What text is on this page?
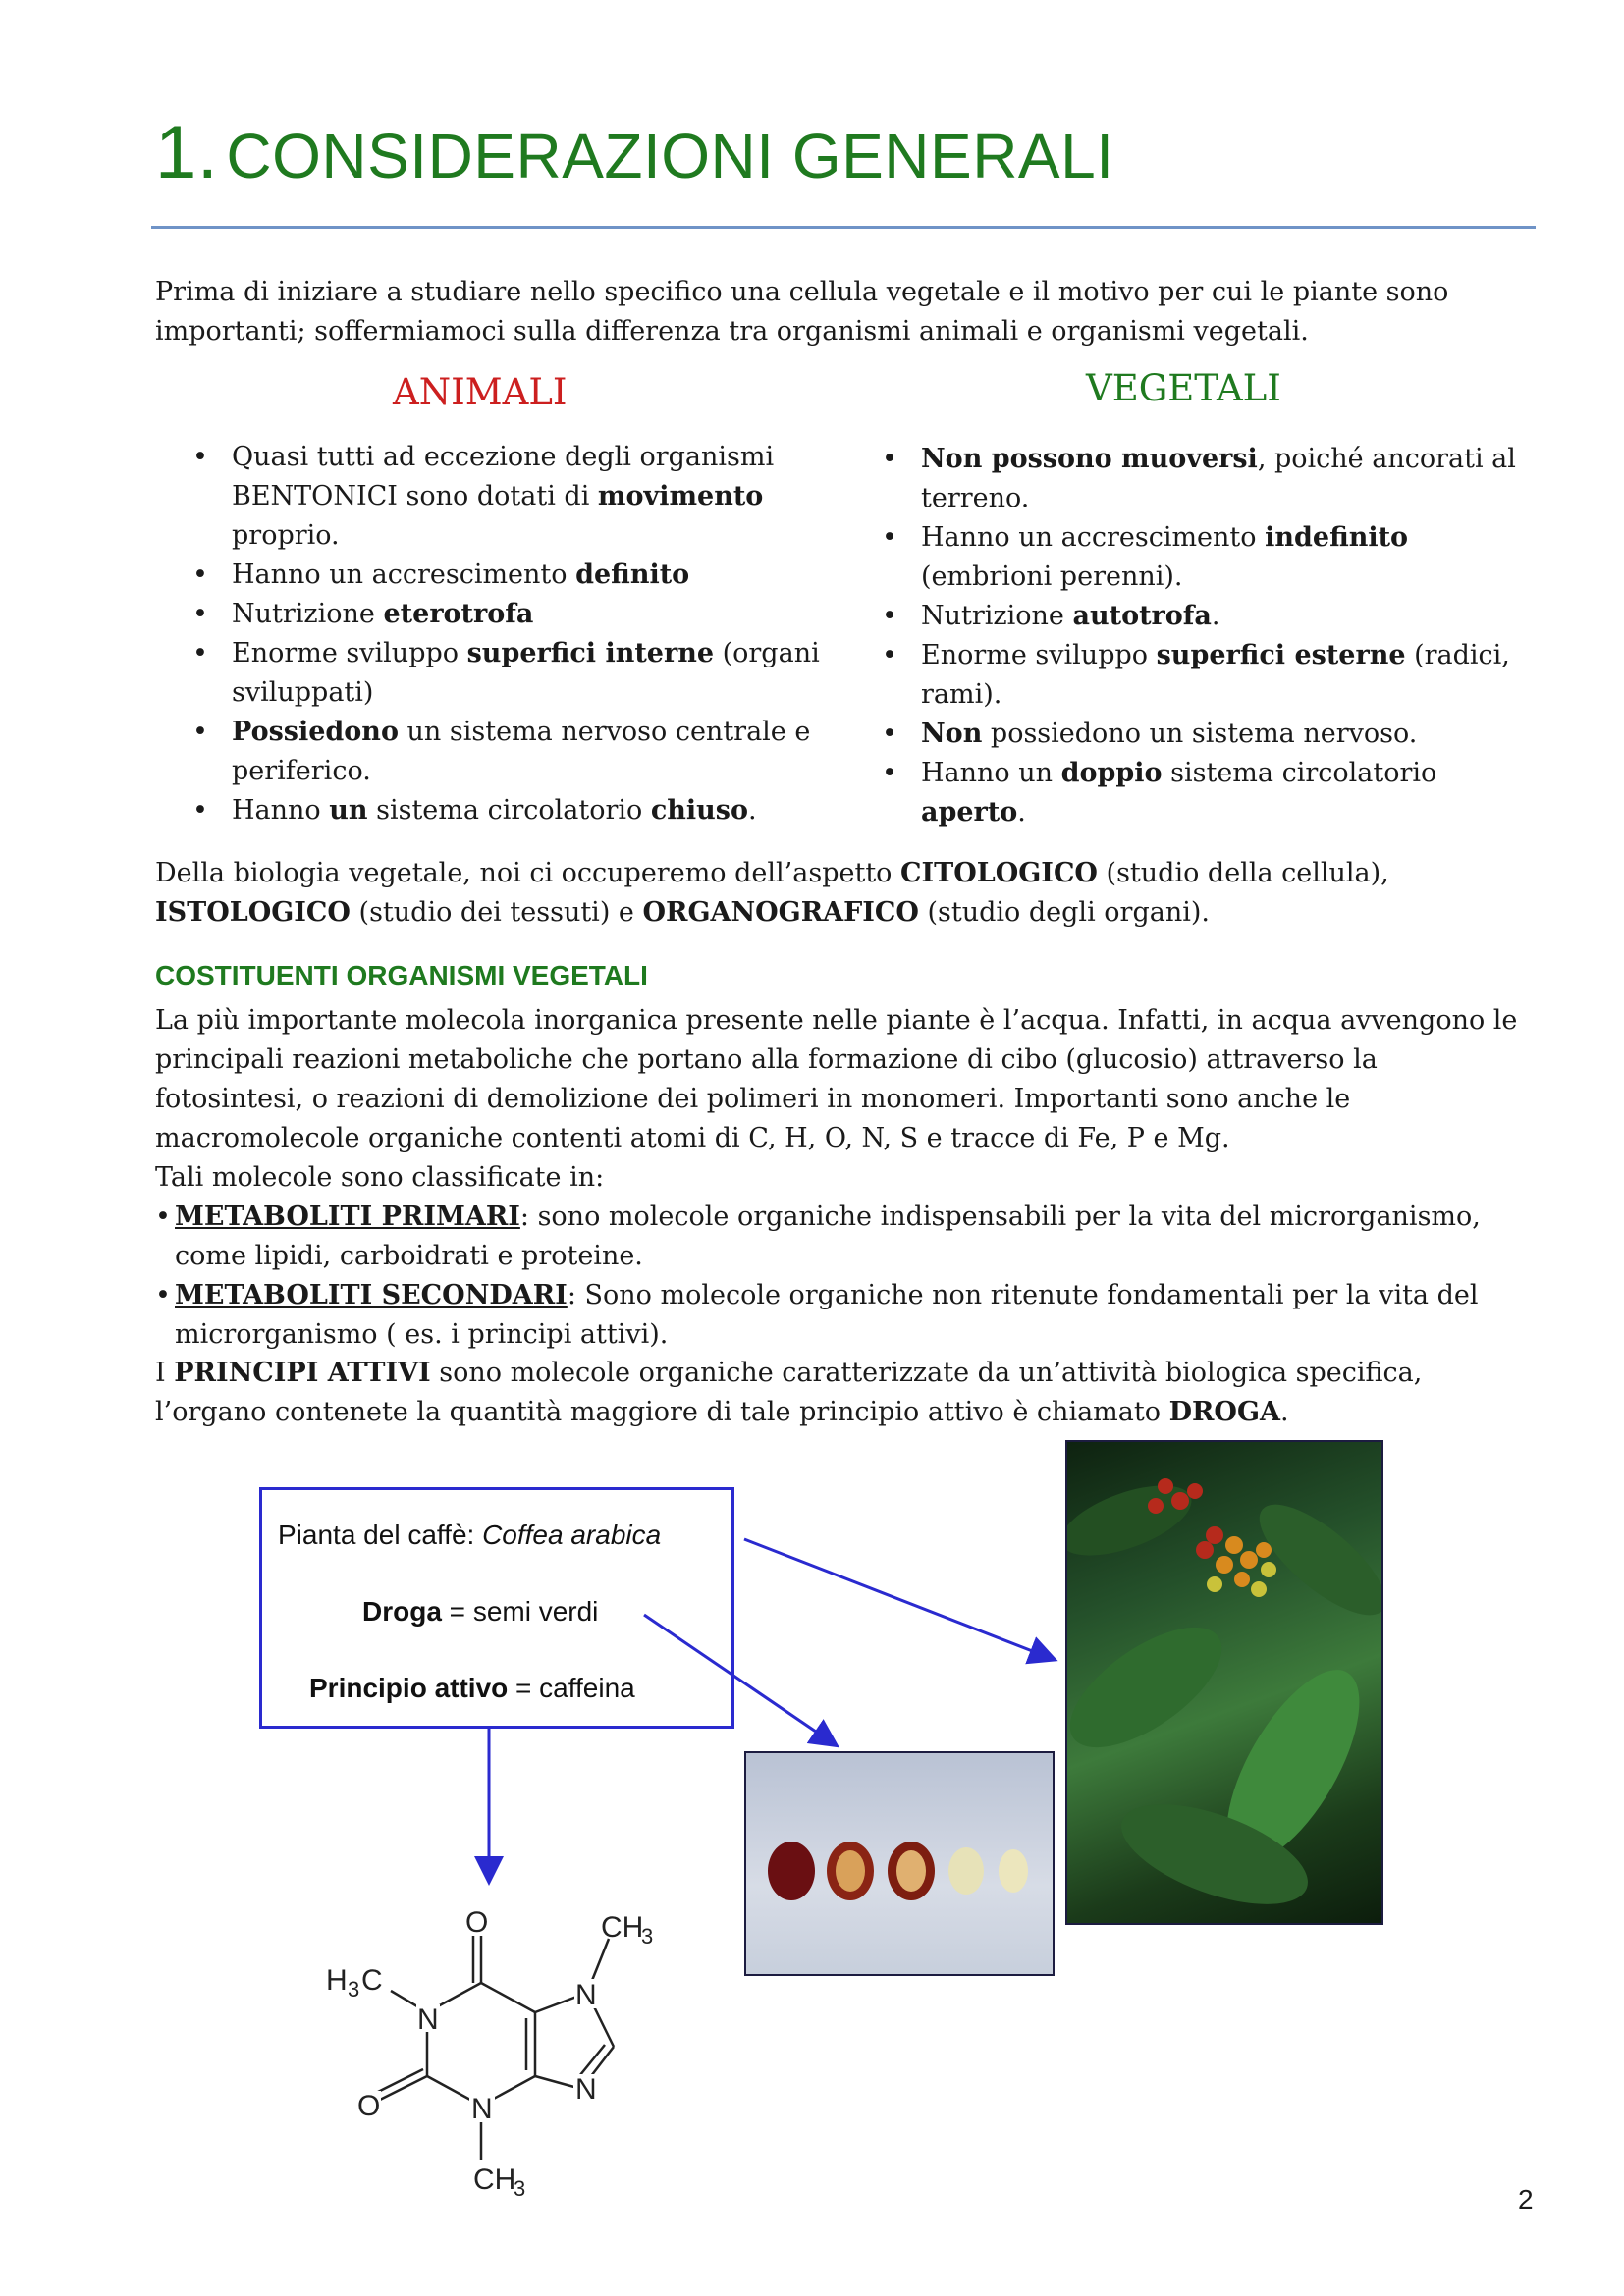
1. CONSIDERAZIONI GENERALI
Prima di iniziare a studiare nello specifico una cellula vegetale e il motivo per cui le piante sono importanti; soffermiamoci sulla differenza tra organismi animali e organismi vegetali.
ANIMALI
• Quasi tutti ad eccezione degli organismi BENTONICI sono dotati di movimento proprio.
• Hanno un accrescimento definito
• Nutrizione eterotrofa
• Enorme sviluppo superfici interne (organi sviluppati)
• Possiedono un sistema nervoso centrale e periferico.
• Hanno un sistema circolatorio chiuso.
VEGETALI
• Non possono muoversi, poiché ancorati al terreno.
• Hanno un accrescimento indefinito (embrioni perenni).
• Nutrizione autotrofa.
• Enorme sviluppo superfici esterne (radici, rami).
• Non possiedono un sistema nervoso.
• Hanno un doppio sistema circolatorio aperto.
Della biologia vegetale, noi ci occuperemo dell’aspetto CITOLOGICO (studio della cellula),
ISTOLOGICO (studio dei tessuti) e ORGANOGRAFICO (studio degli organi).
COSTITUENTI ORGANISMI VEGETALI
La più importante molecola inorganica presente nelle piante è l’acqua. Infatti, in acqua avvengono le principali reazioni metaboliche che portano alla formazione di cibo (glucosio) attraverso la fotosintesi, o reazioni di demolizione dei polimeri in monomeri. Importanti sono anche le macromolecole organiche contenti atomi di C, H, O, N, S e tracce di Fe, P e Mg.
Tali molecole sono classificate in:
• METABOLITI PRIMARI: sono molecole organiche indispensabili per la vita del microrganismo, come lipidi, carboidrati e proteine.
• METABOLITI SECONDARI: Sono molecole organiche non ritenute fondamentali per la vita del microrganismo ( es. i principi attivi).
I PRINCIPI ATTIVI sono molecole organiche caratterizzate da un’attività biologica specifica, l’organo contenete la quantità maggiore di tale principio attivo è chiamato DROGA.
Pianta del caffè: Coffea arabica
Droga = semi verdi
Principio attivo = caffeina
O	CH
3
H 3 C
N
N
N
N
O
CH
3	2
